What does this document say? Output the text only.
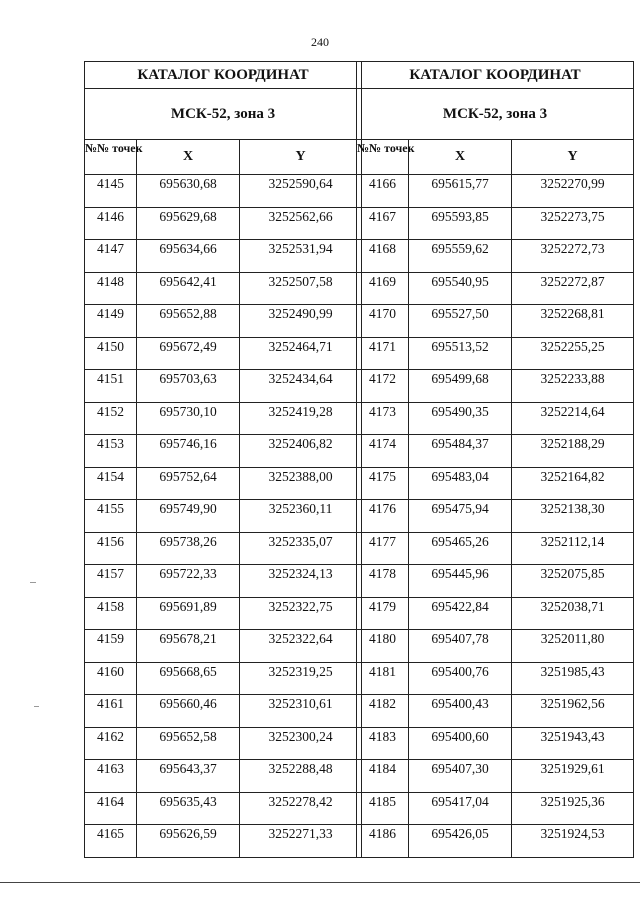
240
КАТАЛОГ КООРДИНАТ		
МСК-52, зона 3		
№№ точек	X	Y
4145	695630,68	3252590,64
4146	695629,68	3252562,66
4147	695634,66	3252531,94
4148	695642,41	3252507,58
4149	695652,88	3252490,99
4150	695672,49	3252464,71
4151	695703,63	3252434,64
4152	695730,10	3252419,28
4153	695746,16	3252406,82
4154	695752,64	3252388,00
4155	695749,90	3252360,11
4156	695738,26	3252335,07
4157	695722,33	3252324,13
4158	695691,89	3252322,75
4159	695678,21	3252322,64
4160	695668,65	3252319,25
4161	695660,46	3252310,61
4162	695652,58	3252300,24
4163	695643,37	3252288,48
4164	695635,43	3252278,42
4165	695626,59	3252271,33
КАТАЛОГ КООРДИНАТ		
МСК-52, зона 3		
№№ точек	X	Y
4166	695615,77	3252270,99
4167	695593,85	3252273,75
4168	695559,62	3252272,73
4169	695540,95	3252272,87
4170	695527,50	3252268,81
4171	695513,52	3252255,25
4172	695499,68	3252233,88
4173	695490,35	3252214,64
4174	695484,37	3252188,29
4175	695483,04	3252164,82
4176	695475,94	3252138,30
4177	695465,26	3252112,14
4178	695445,96	3252075,85
4179	695422,84	3252038,71
4180	695407,78	3252011,80
4181	695400,76	3251985,43
4182	695400,43	3251962,56
4183	695400,60	3251943,43
4184	695407,30	3251929,61
4185	695417,04	3251925,36
4186	695426,05	3251924,53
